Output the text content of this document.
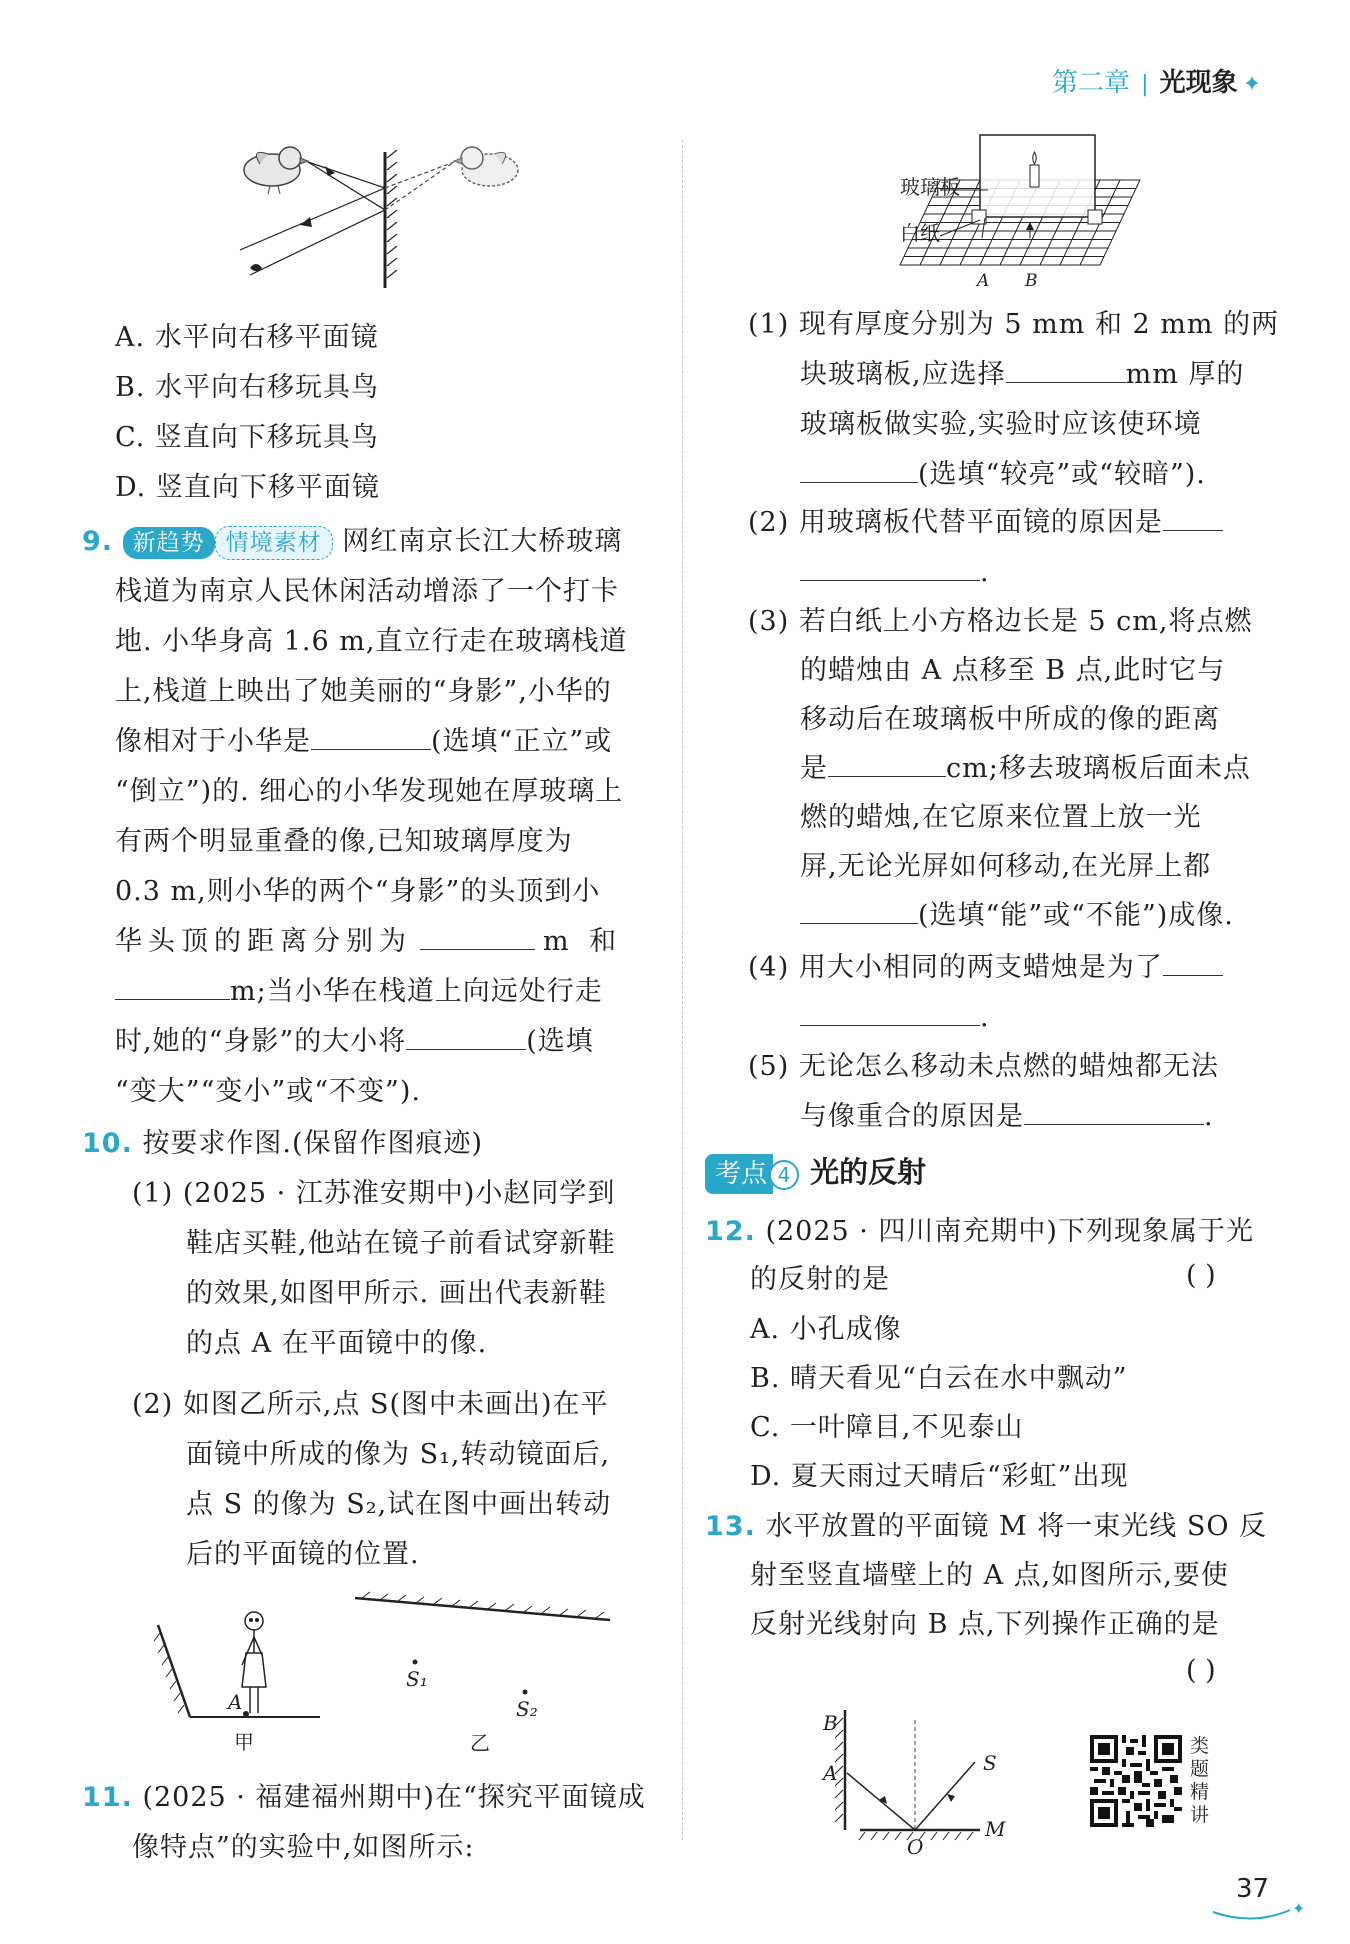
第二章 | 光现象 ✦
A. 水平向右移平面镜
B. 水平向右移玩具鸟
C. 竖直向下移玩具鸟
D. 竖直向下移平面镜
9. 新趋势 情境素材 网红南京长江大桥玻璃
栈道为南京人民休闲活动增添了一个打卡
地. 小华身高 1.6 m,直立行走在玻璃栈道
上,栈道上映出了她美丽的“身影”,小华的
像相对于小华是	(选填“正立”或
“倒立”)的. 细心的小华发现她在厚玻璃上
有两个明显重叠的像,已知玻璃厚度为
0.3 m,则小华的两个“身影”的头顶到小
华头顶的距离分别为	m 和
m;当小华在栈道上向远处行走
时,她的“身影”的大小将	(选填
“变大”“变小”或“不变”).
10. 按要求作图.(保留作图痕迹)
(1) (2025 · 江苏淮安期中)小赵同学到
鞋店买鞋,他站在镜子前看试穿新鞋
的效果,如图甲所示. 画出代表新鞋
的点 A 在平面镜中的像.
(2) 如图乙所示,点 S(图中未画出)在平
面镜中所成的像为 S₁,转动镜面后,
点 S 的像为 S₂,试在图中画出转动
后的平面镜的位置.
A
甲
S₁
S₂
乙
11. (2025 · 福建福州期中)在“探究平面镜成
像特点”的实验中,如图所示:
玻璃板
白纸
A B
(1) 现有厚度分别为 5 mm 和 2 mm 的两
块玻璃板,应选择	mm 厚的
玻璃板做实验,实验时应该使环境
(选填“较亮”或“较暗”).
(2) 用玻璃板代替平面镜的原因是
.
(3) 若白纸上小方格边长是 5 cm,将点燃
的蜡烛由 A 点移至 B 点,此时它与
移动后在玻璃板中所成的像的距离
是	cm;移去玻璃板后面未点
燃的蜡烛,在它原来位置上放一光
屏,无论光屏如何移动,在光屏上都
(选填“能”或“不能”)成像.
(4) 用大小相同的两支蜡烛是为了
.
(5) 无论怎么移动未点燃的蜡烛都无法
与像重合的原因是	.
考点 4 光的反射
12. (2025 · 四川南充期中)下列现象属于光
的反射的是	( )
A. 小孔成像
B. 晴天看见“白云在水中飘动”
C. 一叶障目,不见泰山
D. 夏天雨过天晴后“彩虹”出现
13. 水平放置的平面镜 M 将一束光线 SO 反
射至竖直墙壁上的 A 点,如图所示,要使
反射光线射向 B 点,下列操作正确的是
( )
B
A	S
O
M
类
题
精
讲
✦
37
